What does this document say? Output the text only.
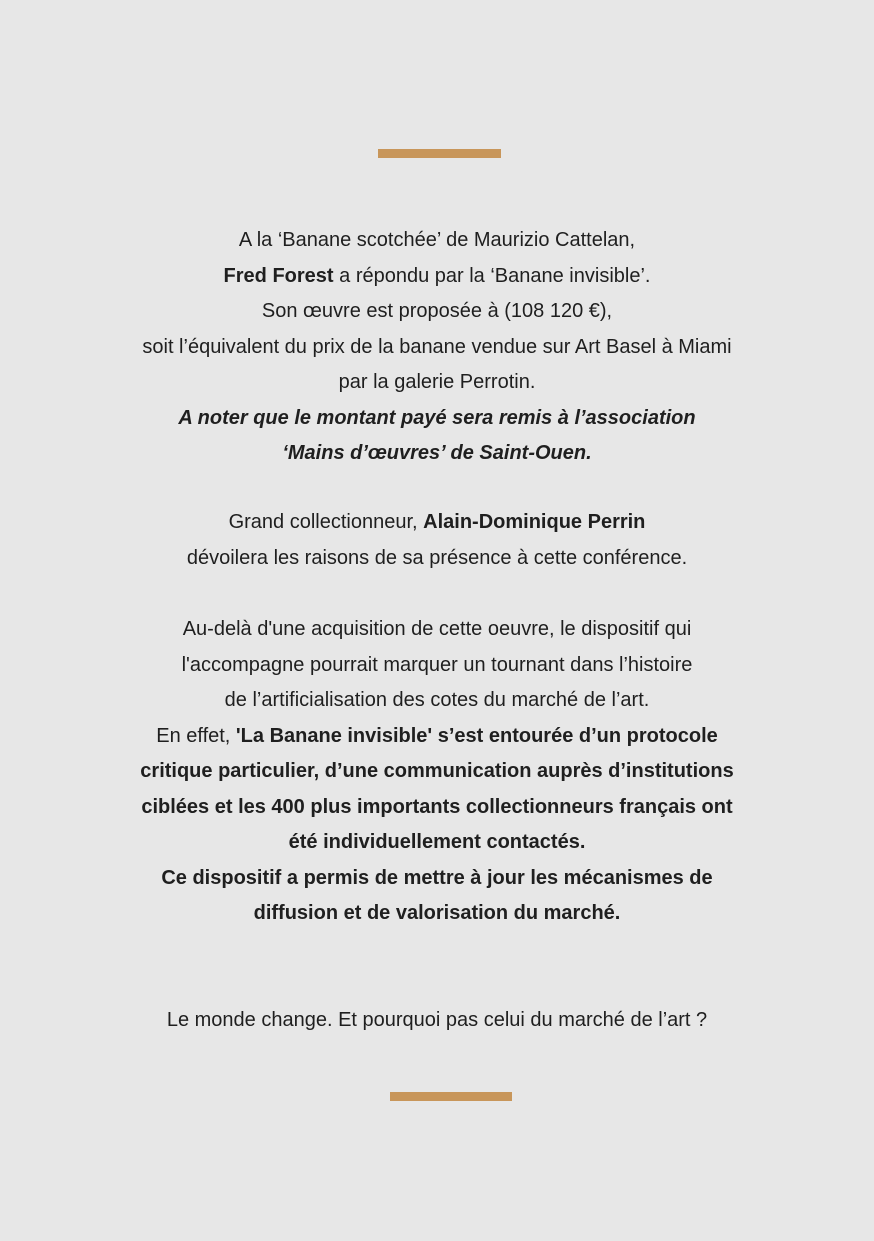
A la ‘Banane scotchée’ de Maurizio Cattelan,
Fred Forest a répondu par la ‘Banane invisible’.
Son œuvre est proposée à (108 120 €),
soit l’équivalent du prix de la banane vendue sur Art Basel à Miami
par la galerie Perrotin.
A noter que le montant payé sera remis à l’association
‘Mains d’œuvres’ de Saint-Ouen.
Grand collectionneur, Alain-Dominique Perrin
dévoilera les raisons de sa présence à cette conférence.
Au-delà d'une acquisition de cette oeuvre, le dispositif qui
l'accompagne pourrait marquer un tournant dans l’histoire
de l’artificialisation des cotes du marché de l’art.
En effet, 'La Banane invisible' s’est entourée d’un protocole
critique particulier, d’une communication auprès d’institutions
ciblées et les 400 plus importants collectionneurs français ont
été individuellement contactés.
Ce dispositif a permis de mettre à jour les mécanismes de
diffusion et de valorisation du marché.
Le monde change. Et pourquoi pas celui du marché de l’art ?
